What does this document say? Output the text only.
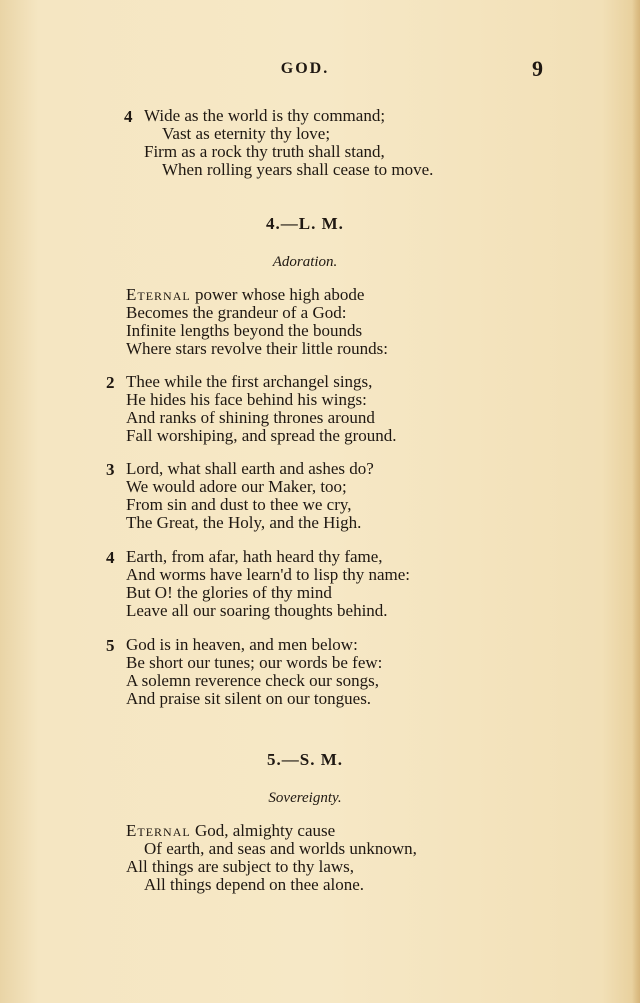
GOD.	9
4 Wide as the world is thy command;
Vast as eternity thy love;
Firm as a rock thy truth shall stand,
When rolling years shall cease to move.
4.—L. M.
Adoration.
Eternal power whose high abode
Becomes the grandeur of a God:
Infinite lengths beyond the bounds
Where stars revolve their little rounds:
2 Thee while the first archangel sings,
He hides his face behind his wings:
And ranks of shining thrones around
Fall worshiping, and spread the ground.
3 Lord, what shall earth and ashes do?
We would adore our Maker, too;
From sin and dust to thee we cry,
The Great, the Holy, and the High.
4 Earth, from afar, hath heard thy fame,
And worms have learn'd to lisp thy name:
But O! the glories of thy mind
Leave all our soaring thoughts behind.
5 God is in heaven, and men below:
Be short our tunes; our words be few:
A solemn reverence check our songs,
And praise sit silent on our tongues.
5.—S. M.
Sovereignty.
Eternal God, almighty cause
Of earth, and seas and worlds unknown,
All things are subject to thy laws,
All things depend on thee alone.
